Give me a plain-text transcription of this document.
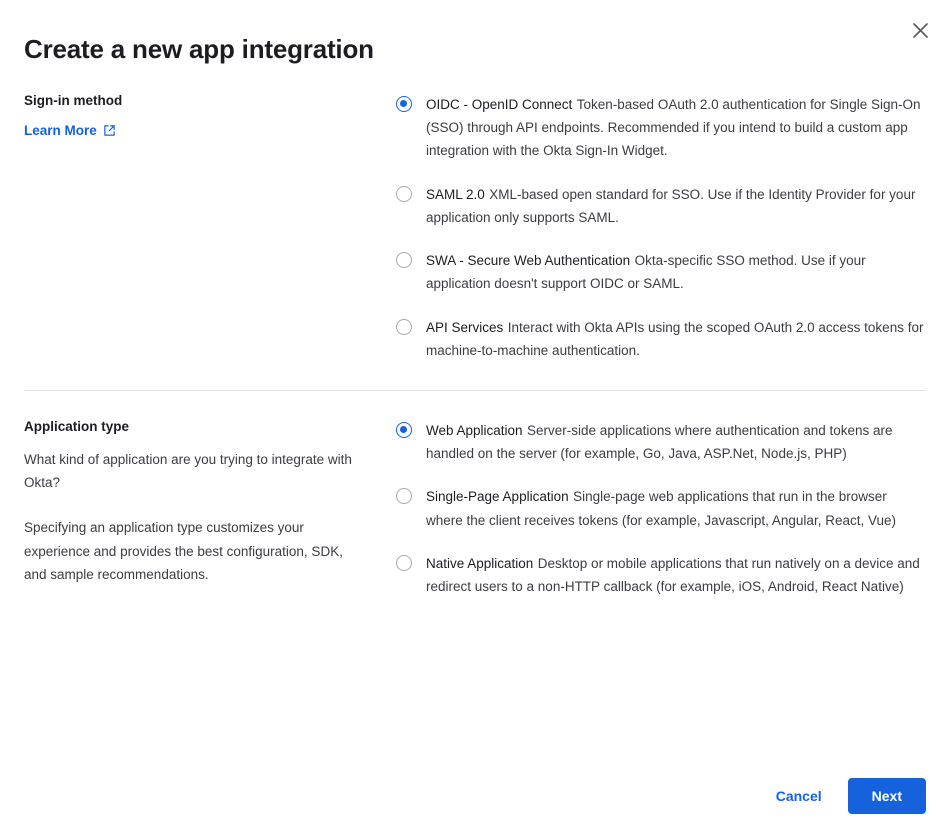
Create a new app integration
Sign-in method
Learn More
OIDC - OpenID Connect Token-based OAuth 2.0 authentication for Single Sign-On (SSO) through API endpoints. Recommended if you intend to build a custom app integration with the Okta Sign-In Widget.
SAML 2.0 XML-based open standard for SSO. Use if the Identity Provider for your application only supports SAML.
SWA - Secure Web Authentication Okta-specific SSO method. Use if your application doesn't support OIDC or SAML.
API Services Interact with Okta APIs using the scoped OAuth 2.0 access tokens for machine-to-machine authentication.
Application type

What kind of application are you trying to integrate with Okta?

Specifying an application type customizes your experience and provides the best configuration, SDK, and sample recommendations.

Web Application Server-side applications where authentication and tokens are handled on the server (for example, Go, Java, ASP.Net, Node.js, PHP)
Single-Page Application Single-page web applications that run in the browser where the client receives tokens (for example, Javascript, Angular, React, Vue)
Native Application Desktop or mobile applications that run natively on a device and redirect users to a non-HTTP callback (for example, iOS, Android, React Native)
Cancel	Next
